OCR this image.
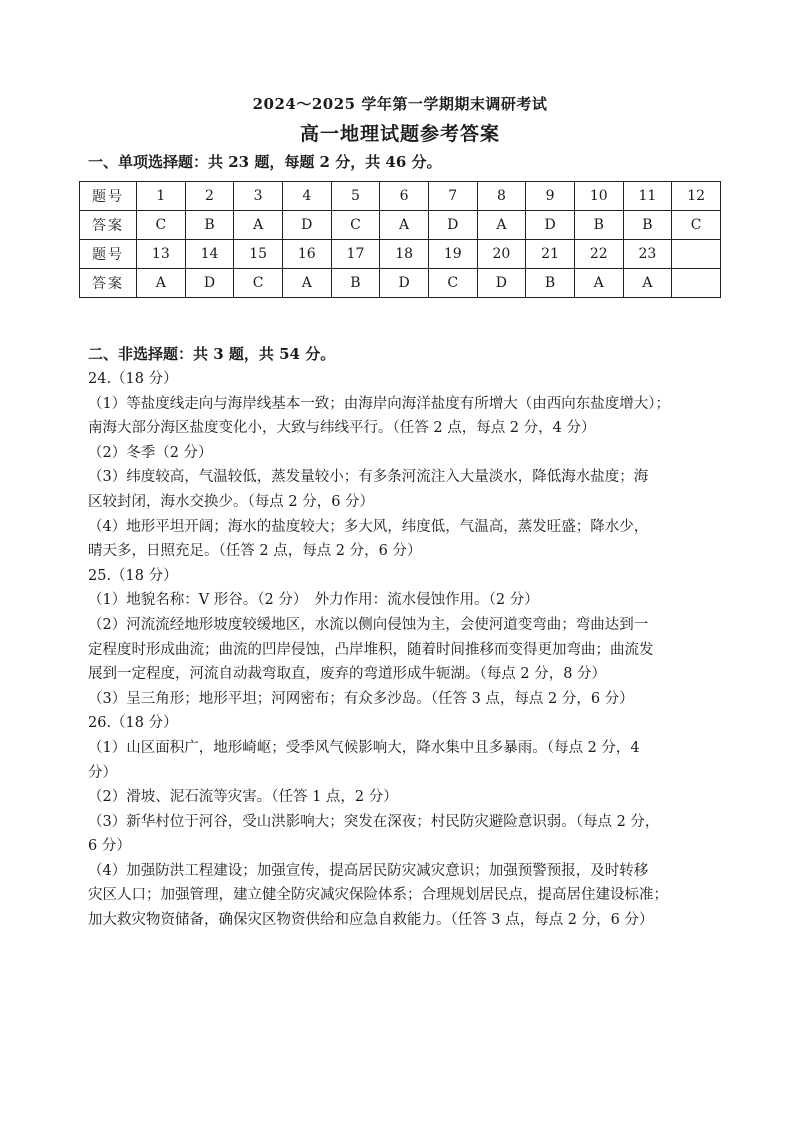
2024～2025 学年第一学期期末调研考试
高一地理试题参考答案
一、单项选择题：共 23 题，每题 2 分，共 46 分。
题号	1	2	3	4	5	6	7	8	9	10	11	12
答案	C	B	A	D	C	A	D	A	D	B	B	C
题号	13	14	15	16	17	18	19	20	21	22	23	
答案	A	D	C	A	B	D	C	D	B	A	A	
二、非选择题：共 3 题，共 54 分。
24.（18 分）
（1）等盐度线走向与海岸线基本一致；由海岸向海洋盐度有所增大（由西向东盐度增大）；
南海大部分海区盐度变化小，大致与纬线平行。（任答 2 点，每点 2 分，4 分）
（2）冬季（2 分）
（3）纬度较高，气温较低，蒸发量较小；有多条河流注入大量淡水，降低海水盐度；海
区较封闭，海水交换少。（每点 2 分，6 分）
（4）地形平坦开阔；海水的盐度较大；多大风，纬度低，气温高，蒸发旺盛；降水少，
晴天多，日照充足。（任答 2 点，每点 2 分，6 分）
25.（18 分）
（1）地貌名称：V 形谷。（2 分）　外力作用：流水侵蚀作用。（2 分）
（2）河流流经地形坡度较缓地区，水流以侧向侵蚀为主，会使河道变弯曲；弯曲达到一
定程度时形成曲流；曲流的凹岸侵蚀，凸岸堆积，随着时间推移而变得更加弯曲；曲流发
展到一定程度，河流自动裁弯取直，废弃的弯道形成牛轭湖。（每点 2 分，8 分）
（3）呈三角形；地形平坦；河网密布；有众多沙岛。（任答 3 点，每点 2 分，6 分）
26.（18 分）
（1）山区面积广，地形崎岖；受季风气候影响大，降水集中且多暴雨。（每点 2 分，4
分）
（2）滑坡、泥石流等灾害。（任答 1 点，2 分）
（3）新华村位于河谷，受山洪影响大；突发在深夜；村民防灾避险意识弱。（每点 2 分，
6 分）
（4）加强防洪工程建设；加强宣传，提高居民防灾减灾意识；加强预警预报，及时转移
灾区人口；加强管理，建立健全防灾减灾保险体系；合理规划居民点，提高居住建设标准；
加大救灾物资储备，确保灾区物资供给和应急自救能力。（任答 3 点，每点 2 分，6 分）
